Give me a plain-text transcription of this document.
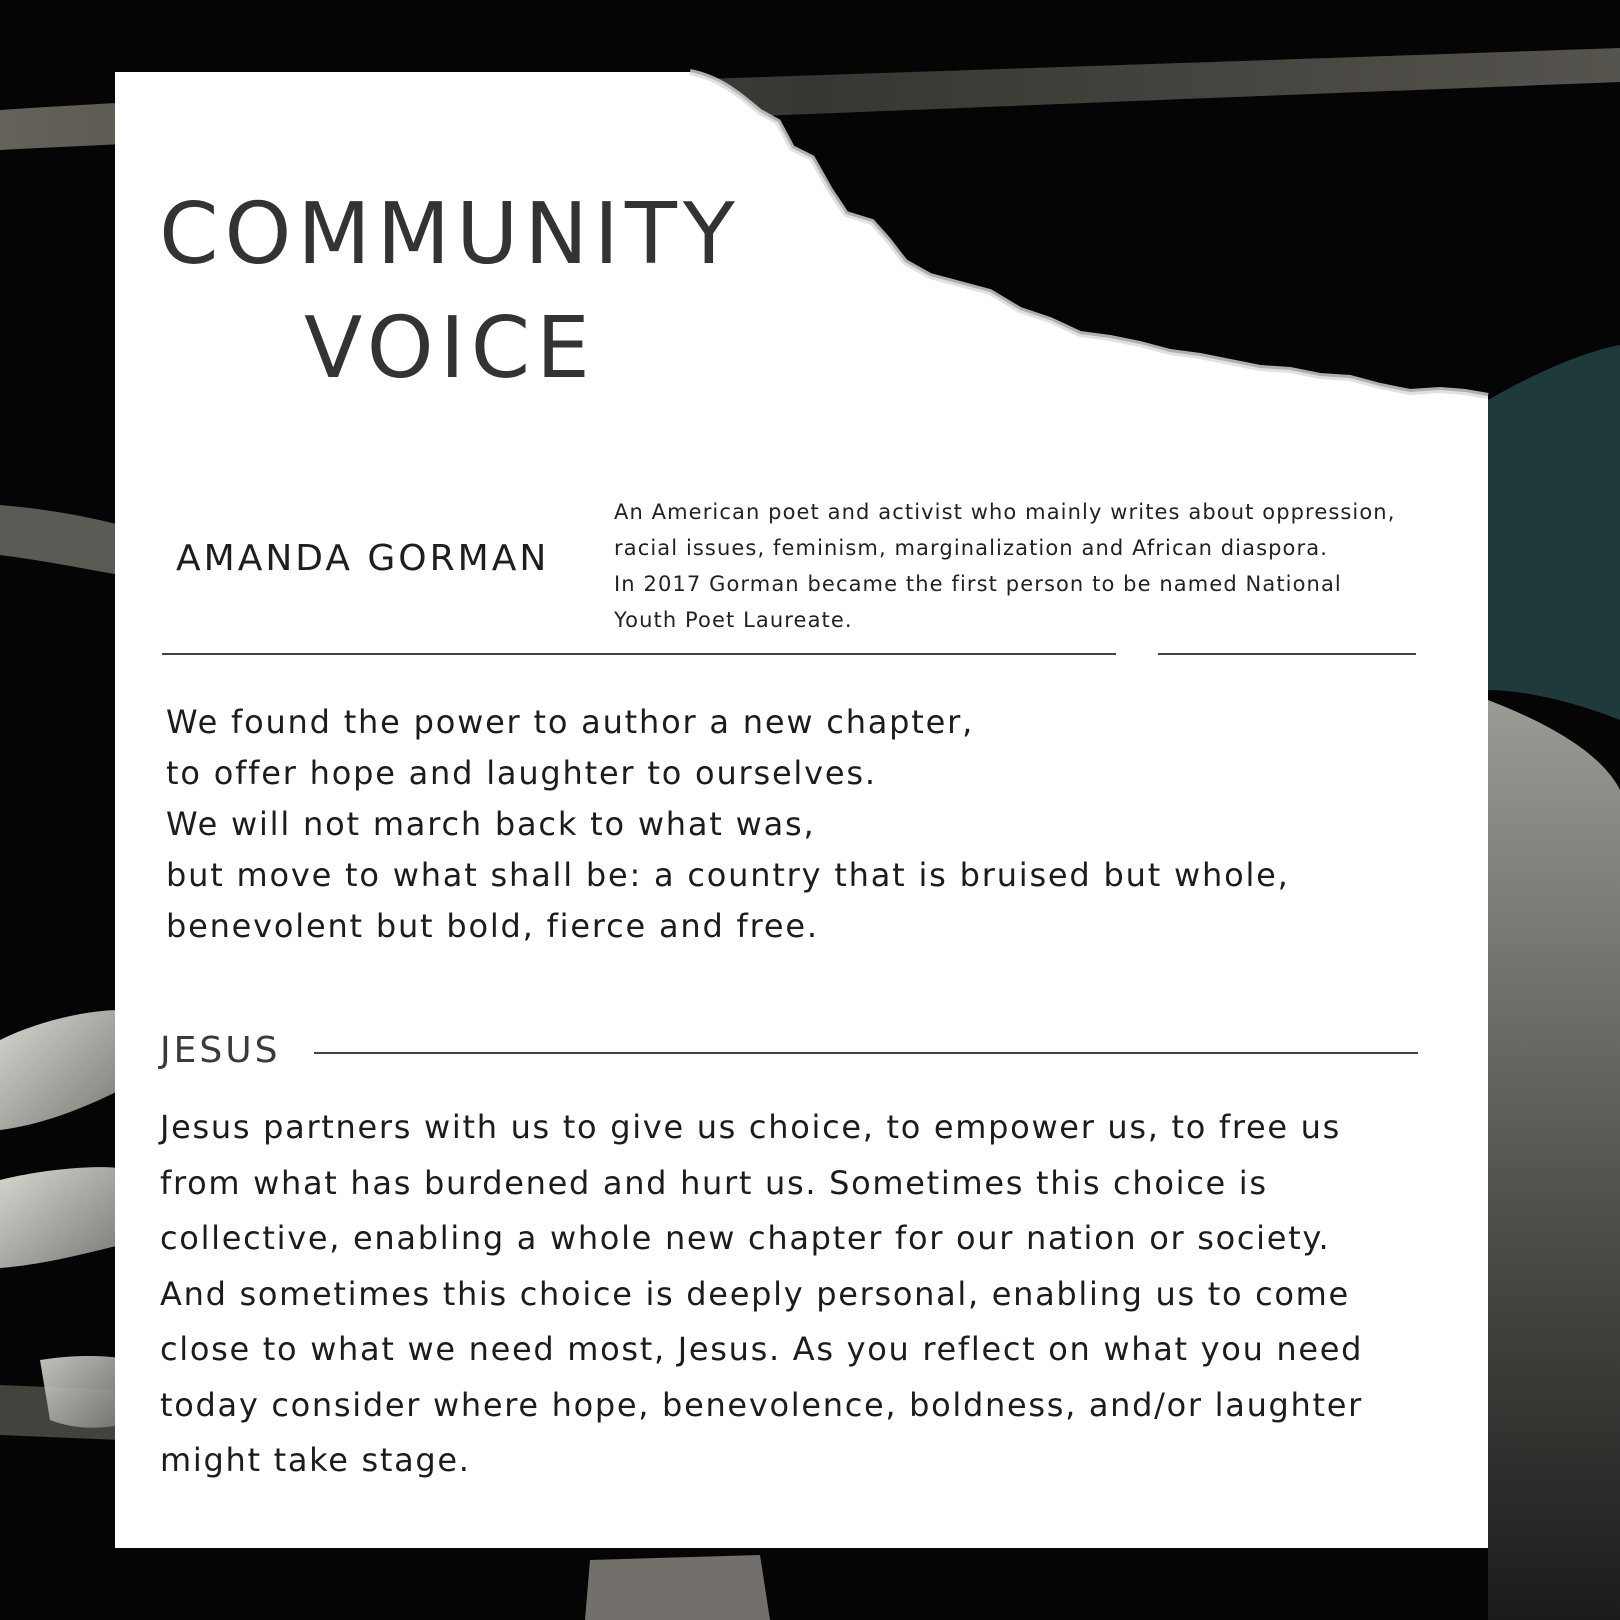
COMMUNITY
VOICE
AMANDA GORMAN
An American poet and activist who mainly writes about oppression,
racial issues, feminism, marginalization and African diaspora.
In 2017 Gorman became the first person to be named National
Youth Poet Laureate.
We found the power to author a new chapter,
to offer hope and laughter to ourselves.
We will not march back to what was,
but move to what shall be: a country that is bruised but whole,
benevolent but bold, fierce and free.
JESUS
Jesus partners with us to give us choice, to empower us, to free us
from what has burdened and hurt us. Sometimes this choice is
collective, enabling a whole new chapter for our nation or society.
And sometimes this choice is deeply personal, enabling us to come
close to what we need most, Jesus. As you reflect on what you need
today consider where hope, benevolence, boldness, and/or laughter
might take stage.
